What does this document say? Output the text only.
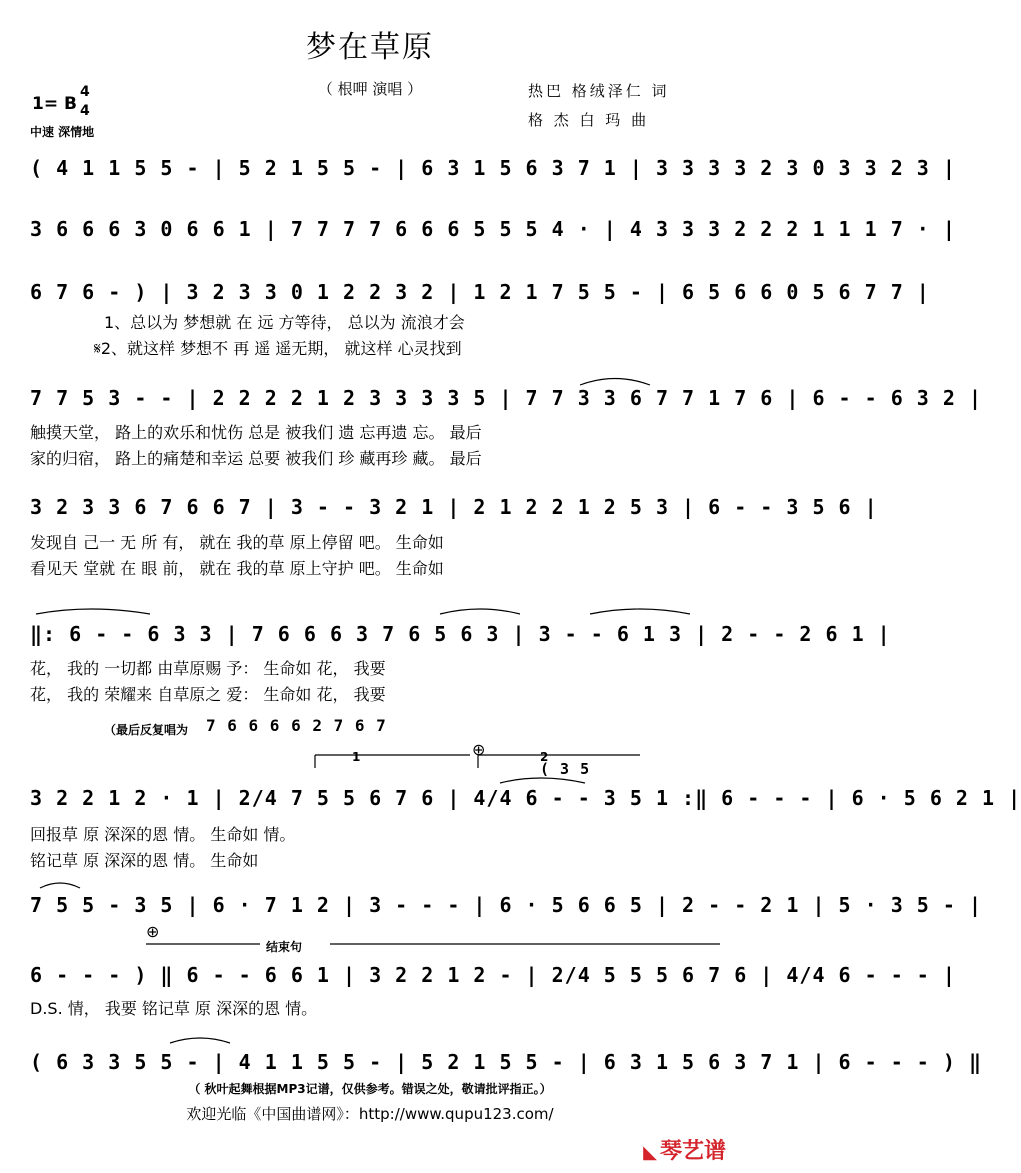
梦在草原
（ 根呷 演唱 ）	热巴 格绒泽仁 词
格 杰 白 玛 曲
1= B
4
4
中速 深情地
( 4 1 1 5 5 - | 5 2 1 5 5 - | 6 3 1 5 6 3 7 1 | 3 3 3 3 2 3 0 3 3 2 3 |
3 6 6 6 3 0 6 6 1 | 7 7 7 7 6 6 6 5 5 5 4 · | 4 3 3 3 2 2 2 1 1 1 7 · |
6 7 6 - ) | 3 2 3 3 0 1 2 2 3 2 | 1 2 1 7 5 5 - | 6 5 6 6 0 5 6 7 7 |
1、总以为 梦想就 在 远 方等待， 总以为 流浪才会
𝄋2、就这样 梦想不 再 遥 遥无期， 就这样 心灵找到
7 7 5 3 - - | 2 2 2 2 1 2 3 3 3 3 5 | 7 7 3 3 6 7 7 1 7 6 | 6 - - 6 3 2 |
触摸天堂， 路上的欢乐和忧伤 总是 被我们 遗 忘再遗 忘。 最后
家的归宿， 路上的痛楚和幸运 总要 被我们 珍 藏再珍 藏。 最后
3 2 3 3 6 7 6 6 7 | 3 - - 3 2 1 | 2 1 2 2 1 2 5 3 | 6 - - 3 5 6 |
发现自 己一 无 所 有， 就在 我的草 原上停留 吧。 生命如
看见天 堂就 在 眼 前， 就在 我的草 原上守护 吧。 生命如
‖: 6 - - 6 3 3 | 7 6 6 6 3 7 6 5 6 3 | 3 - - 6 1 3 | 2 - - 2 6 1 |
花， 我的 一切都 由草原赐 予： 生命如 花， 我要
花， 我的 荣耀来 自草原之 爱： 生命如 花， 我要
（最后反复唱为 7 6 6 6 6 2 7 6 7
1	⊕	2
( 3 5
3 2 2 1 2 · 1 | 2/4 7 5 5 6 7 6 | 4/4 6 - - 3 5 1 :‖ 6 - - - | 6 · 5 6 2 1 |
回报草 原 深深的恩 情。 生命如 情。
铭记草 原 深深的恩 情。 生命如
7 5 5 - 3 5 | 6 · 7 1 2 | 3 - - - | 6 · 5 6 6 5 | 2 - - 2 1 | 5 · 3 5 - |
⊕
结束句
6 - - - ) ‖ 6 - - 6 6 1 | 3 2 2 1 2 - | 2/4 5 5 5 6 7 6 | 4/4 6 - - - |
D.S. 情， 我要 铭记草 原 深深的恩 情。
( 6 3 3 5 5 - | 4 1 1 5 5 - | 5 2 1 5 5 - | 6 3 1 5 6 3 7 1 | 6 - - - ) ‖
（ 秋叶起舞根据MP3记谱，仅供参考。错误之处，敬请批评指正。）
欢迎光临《中国曲谱网》：http://www.qupu123.com/
◣ 琴艺谱
